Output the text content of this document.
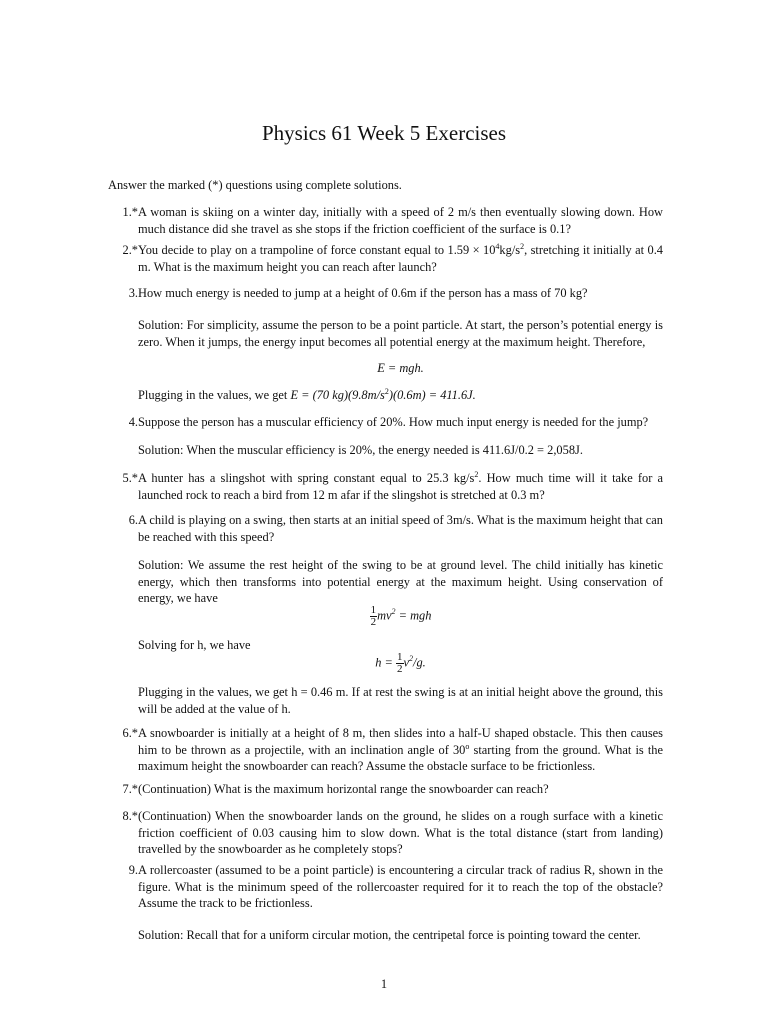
Physics 61 Week 5 Exercises
Answer the marked (*) questions using complete solutions.
1.* A woman is skiing on a winter day, initially with a speed of 2 m/s then eventually slowing down. How much distance did she travel as she stops if the friction coefficient of the surface is 0.1?
2.* You decide to play on a trampoline of force constant equal to $1.59 \times 10^4kg/s^2$, stretching it initially at 0.4 m. What is the maximum height you can reach after launch?
3. How much energy is needed to jump at a height of 0.6m if the person has a mass of 70 kg?
Solution: For simplicity, assume the person to be a point particle. At start, the person’s potential energy is zero. When it jumps, the energy input becomes all potential energy at the maximum height. Therefore,
E = mgh.
Plugging in the values, we get E = (70 $kg)(9.8m/s^2)(0.6m) = 411.6J$.
4. Suppose the person has a muscular efficiency of 20%. How much input energy is needed for the jump?
Solution: When the muscular efficiency is 20%, the energy needed is 411.6J/0.2 = 2,058J.
5.* A hunter has a slingshot with spring constant equal to 25.3 $kg/s^2$. How much time will it take for a launched rock to reach a bird from 12 m afar if the slingshot is stretched at 0.3 m?
6. A child is playing on a swing, then starts at an initial speed of 3m/s. What is the maximum height that can be reached with this speed?
Solution: We assume the rest height of the swing to be at ground level. The child initially has kinetic energy, which then transforms into potential energy at the maximum height. Using conservation of energy, we have
$\frac{1}{2} mv^2$ = mgh
Solving for h, we have
$h = \frac{1}{2} v^2/g$.
Plugging in the values, we get h = 0.46 m. If at rest the swing is at an initial height above the ground, this will be added at the value of h.
6.* A snowboarder is initially at a height of 8 m, then slides into a half-U shaped obstacle. This then causes him to be thrown as a projectile, with an inclination angle of 30$^o$ starting from the ground. What is the maximum height the snowboarder can reach? Assume the obstacle surface to be frictionless.
7.* (Continuation) What is the maximum horizontal range the snowboarder can reach?
8.* (Continuation) When the snowboarder lands on the ground, he slides on a rough surface with a kinetic friction coefficient of 0.03 causing him to slow down. What is the total distance (start from landing) travelled by the snowboarder as he completely stops?
9. A rollercoaster (assumed to be a point particle) is encountering a circular track of radius R, shown in the figure. What is the minimum speed of the rollercoaster required for it to reach the top of the obstacle? Assume the track to be frictionless.
Solution: Recall that for a uniform circular motion, the centripetal force is pointing toward the center.
1
